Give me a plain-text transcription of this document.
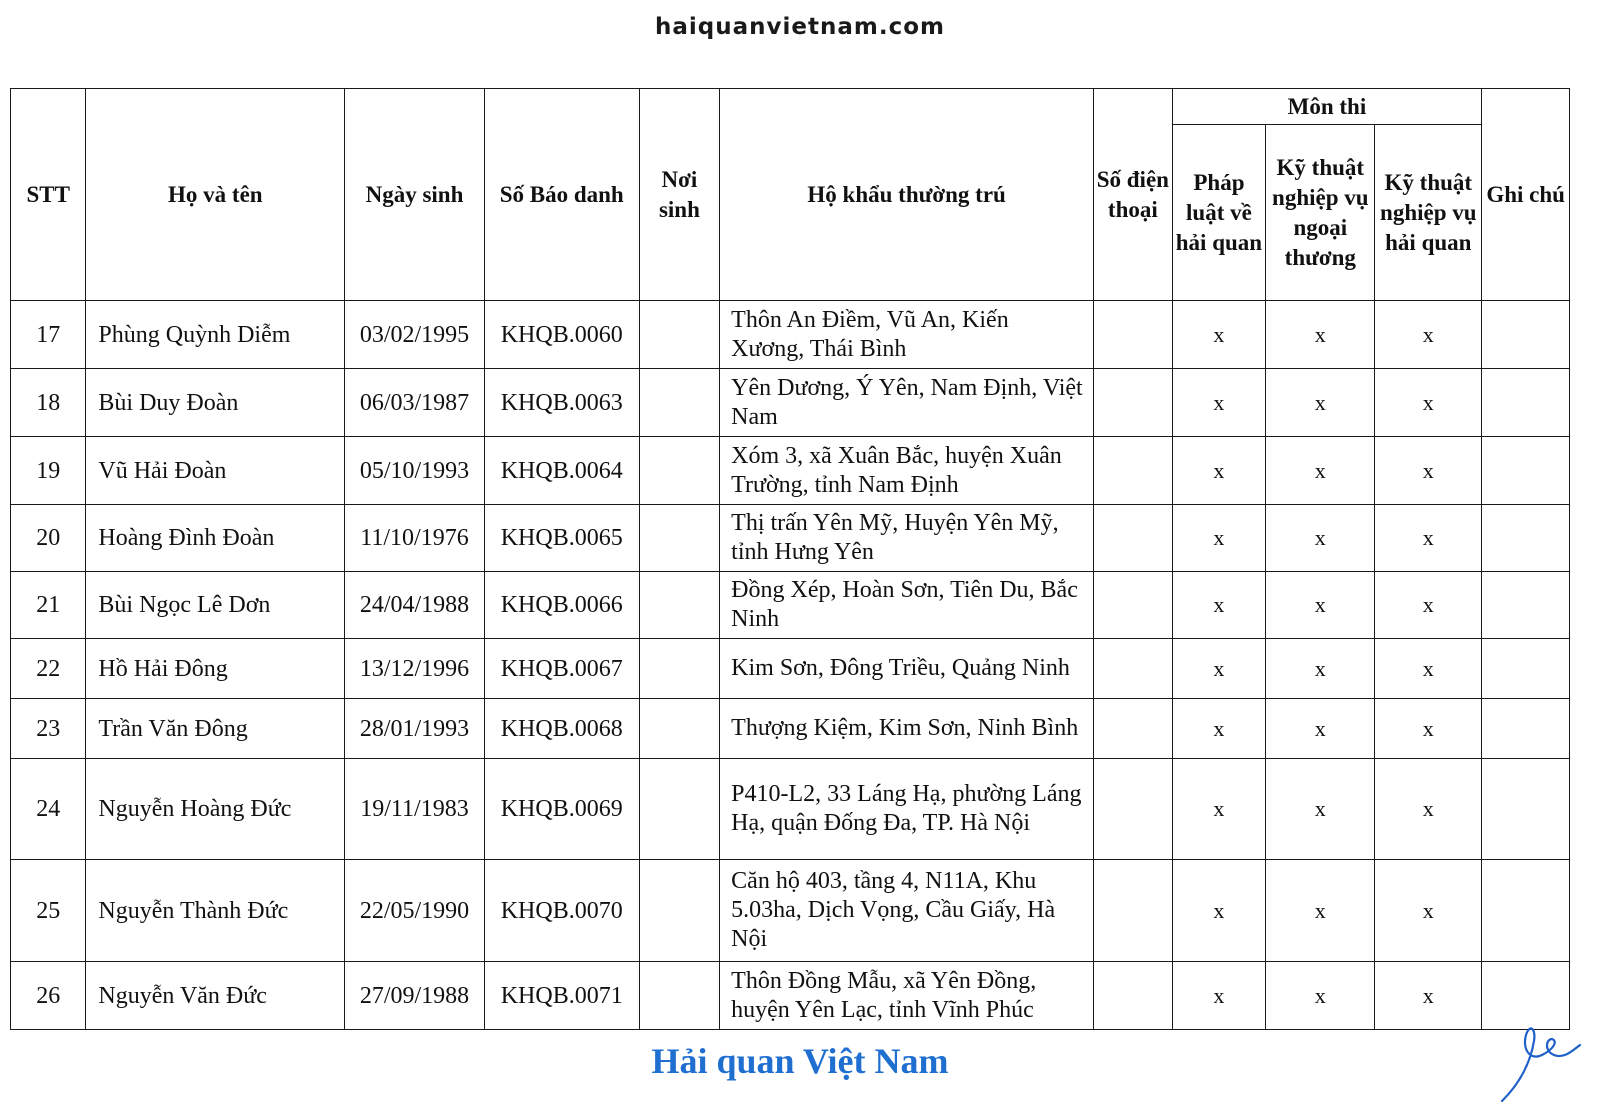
haiquanvietnam.com
STT	Họ và tên	Ngày sinh	Số Báo danh	Nơi sinh	Hộ khẩu thường trú	Số điện thoại	Môn thi			Ghi chú
							Pháp luật về hải quan	Kỹ thuật nghiệp vụ ngoại thương	Kỹ thuật nghiệp vụ hải quan	
17	Phùng Quỳnh Diễm	03/02/1995	KHQB.0060		Thôn An Điềm, Vũ An, Kiến Xương, Thái Bình		x	x	x	
18	Bùi Duy Đoàn	06/03/1987	KHQB.0063		Yên Dương, Ý Yên, Nam Định, Việt Nam		x	x	x	
19	Vũ Hải Đoàn	05/10/1993	KHQB.0064		Xóm 3, xã Xuân Bắc, huyện Xuân Trường, tỉnh Nam Định		x	x	x	
20	Hoàng Đình Đoàn	11/10/1976	KHQB.0065		Thị trấn Yên Mỹ, Huyện Yên Mỹ, tỉnh Hưng Yên		x	x	x	
21	Bùi Ngọc Lê Dơn	24/04/1988	KHQB.0066		Đồng Xép, Hoàn Sơn, Tiên Du, Bắc Ninh		x	x	x	
22	Hồ Hải Đông	13/12/1996	KHQB.0067		Kim Sơn, Đông Triều, Quảng Ninh		x	x	x	
23	Trần Văn Đông	28/01/1993	KHQB.0068		Thượng Kiệm, Kim Sơn, Ninh Bình		x	x	x	
24	Nguyễn Hoàng Đức	19/11/1983	KHQB.0069		P410-L2, 33 Láng Hạ, phường Láng Hạ, quận Đống Đa, TP. Hà Nội		x	x	x	
25	Nguyễn Thành Đức	22/05/1990	KHQB.0070		Căn hộ 403, tầng 4, N11A, Khu 5.03ha, Dịch Vọng, Cầu Giấy, Hà Nội		x	x	x	
26	Nguyễn Văn Đức	27/09/1988	KHQB.0071		Thôn Đồng Mẫu, xã Yên Đồng, huyện Yên Lạc, tỉnh Vĩnh Phúc		x	x	x	
Hải quan Việt Nam
